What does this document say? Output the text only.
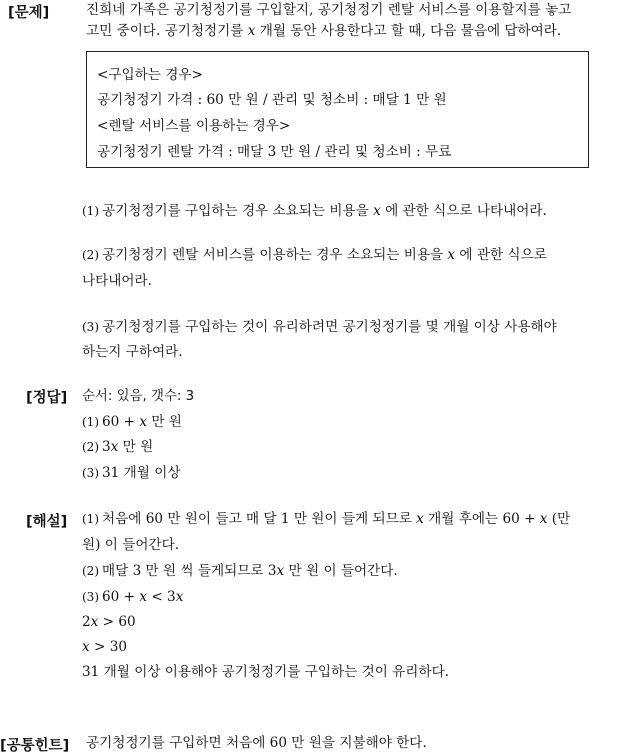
[문제]	진희네 가족은 공기청정기를 구입할지, 공기청정기 렌탈 서비스를 이용할지를 놓고
고민 중이다. 공기청정기를 x 개월 동안 사용한다고 할 때, 다음 물음에 답하여라.
<구입하는 경우>
공기청정기 가격 : 60 만 원 / 관리 및 청소비 : 매달 1 만 원
<렌탈 서비스를 이용하는 경우>
공기청정기 렌탈 가격 : 매달 3 만 원 / 관리 및 청소비 : 무료
(1) 공기청정기를 구입하는 경우 소요되는 비용을 x 에 관한 식으로 나타내어라.
(2) 공기청정기 렌탈 서비스를 이용하는 경우 소요되는 비용을 x 에 관한 식으로
나타내어라.
(3) 공기청정기를 구입하는 것이 유리하려면 공기청정기를 몇 개월 이상 사용해야
하는지 구하여라.
[정답] 순서: 있음, 갯수: 3
(1) 60 + x 만 원
(2) 3x 만 원
(3) 31 개월 이상
[해설] (1) 처음에 60 만 원이 들고 매 달 1 만 원이 들게 되므로 x 개월 후에는 60 + x (만
원) 이 들어간다.
(2) 매달 3 만 원 씩 들게되므로 3x 만 원 이 들어간다.
(3) 60 + x < 3x
2x > 60
x > 30
31 개월 이상 이용해야 공기청정기를 구입하는 것이 유리하다.
[공통힌트] 공기청정기를 구입하면 처음에 60 만 원을 지불해야 한다.
